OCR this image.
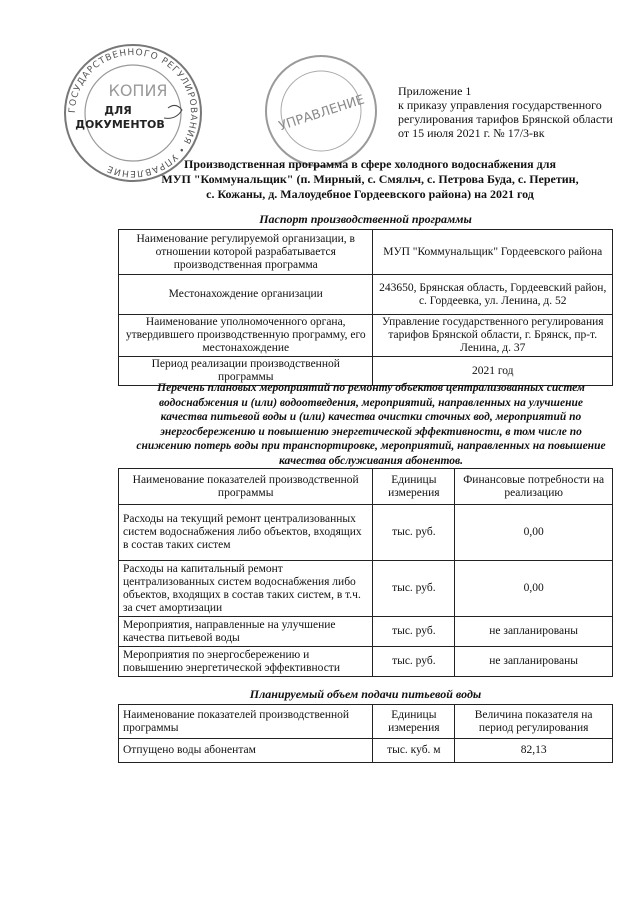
ГОСУДАРСТВЕННОГО РЕГУЛИРОВАНИЯ • УПРАВЛЕНИЕ
КОПИЯ
ДЛЯ
ДОКУМЕНТОВ	УПРАВЛЕНИЕ
Приложение 1
к приказу управления государственного
регулирования тарифов Брянской области
от 15 июля 2021 г. № 17/3-вк
Производственная программа в сфере холодного водоснабжения для
МУП "Коммунальщик" (п. Мирный, с. Смяльч, с. Петрова Буда, с. Перетин,
с. Кожаны, д. Малоудебное Гордеевского района) на 2021 год
Паспорт производственной программы
Наименование регулируемой организации, в отношении которой разрабатывается производственная программа	МУП "Коммунальщик" Гордеевского района
Местонахождение организации	243650, Брянская область, Гордеевский район, с. Гордеевка, ул. Ленина, д. 52
Наименование уполномоченного органа, утвердившего производственную программу, его местонахождение	Управление государственного регулирования тарифов Брянской области, г. Брянск, пр-т. Ленина, д. 37
Период реализации производственной программы	2021 год
Перечень плановых мероприятий по ремонту объектов централизованных систем водоснабжения и (или) водоотведения, мероприятий, направленных на улучшение качества питьевой воды и (или) качества очистки сточных вод, мероприятий по энергосбережению и повышению энергетической эффективности, в том числе по снижению потерь воды при транспортировке, мероприятий, направленных на повышение качества обслуживания абонентов.
Наименование показателей производственной программы	Единицы измерения	Финансовые потребности на реализацию
Расходы на текущий ремонт централизованных систем водоснабжения либо объектов, входящих в состав таких систем	тыс. руб.	0,00
Расходы на капитальный ремонт централизованных систем водоснабжения либо объектов, входящих в состав таких систем, в т.ч. за счет амортизации	тыс. руб.	0,00
Мероприятия, направленные на улучшение качества питьевой воды	тыс. руб.	не запланированы
Мероприятия по энергосбережению и повышению энергетической эффективности	тыс. руб.	не запланированы
Планируемый объем подачи питьевой воды
Наименование показателей производственной программы	Единицы измерения	Величина показателя на период регулирования
Отпущено воды абонентам	тыс. куб. м	82,13
